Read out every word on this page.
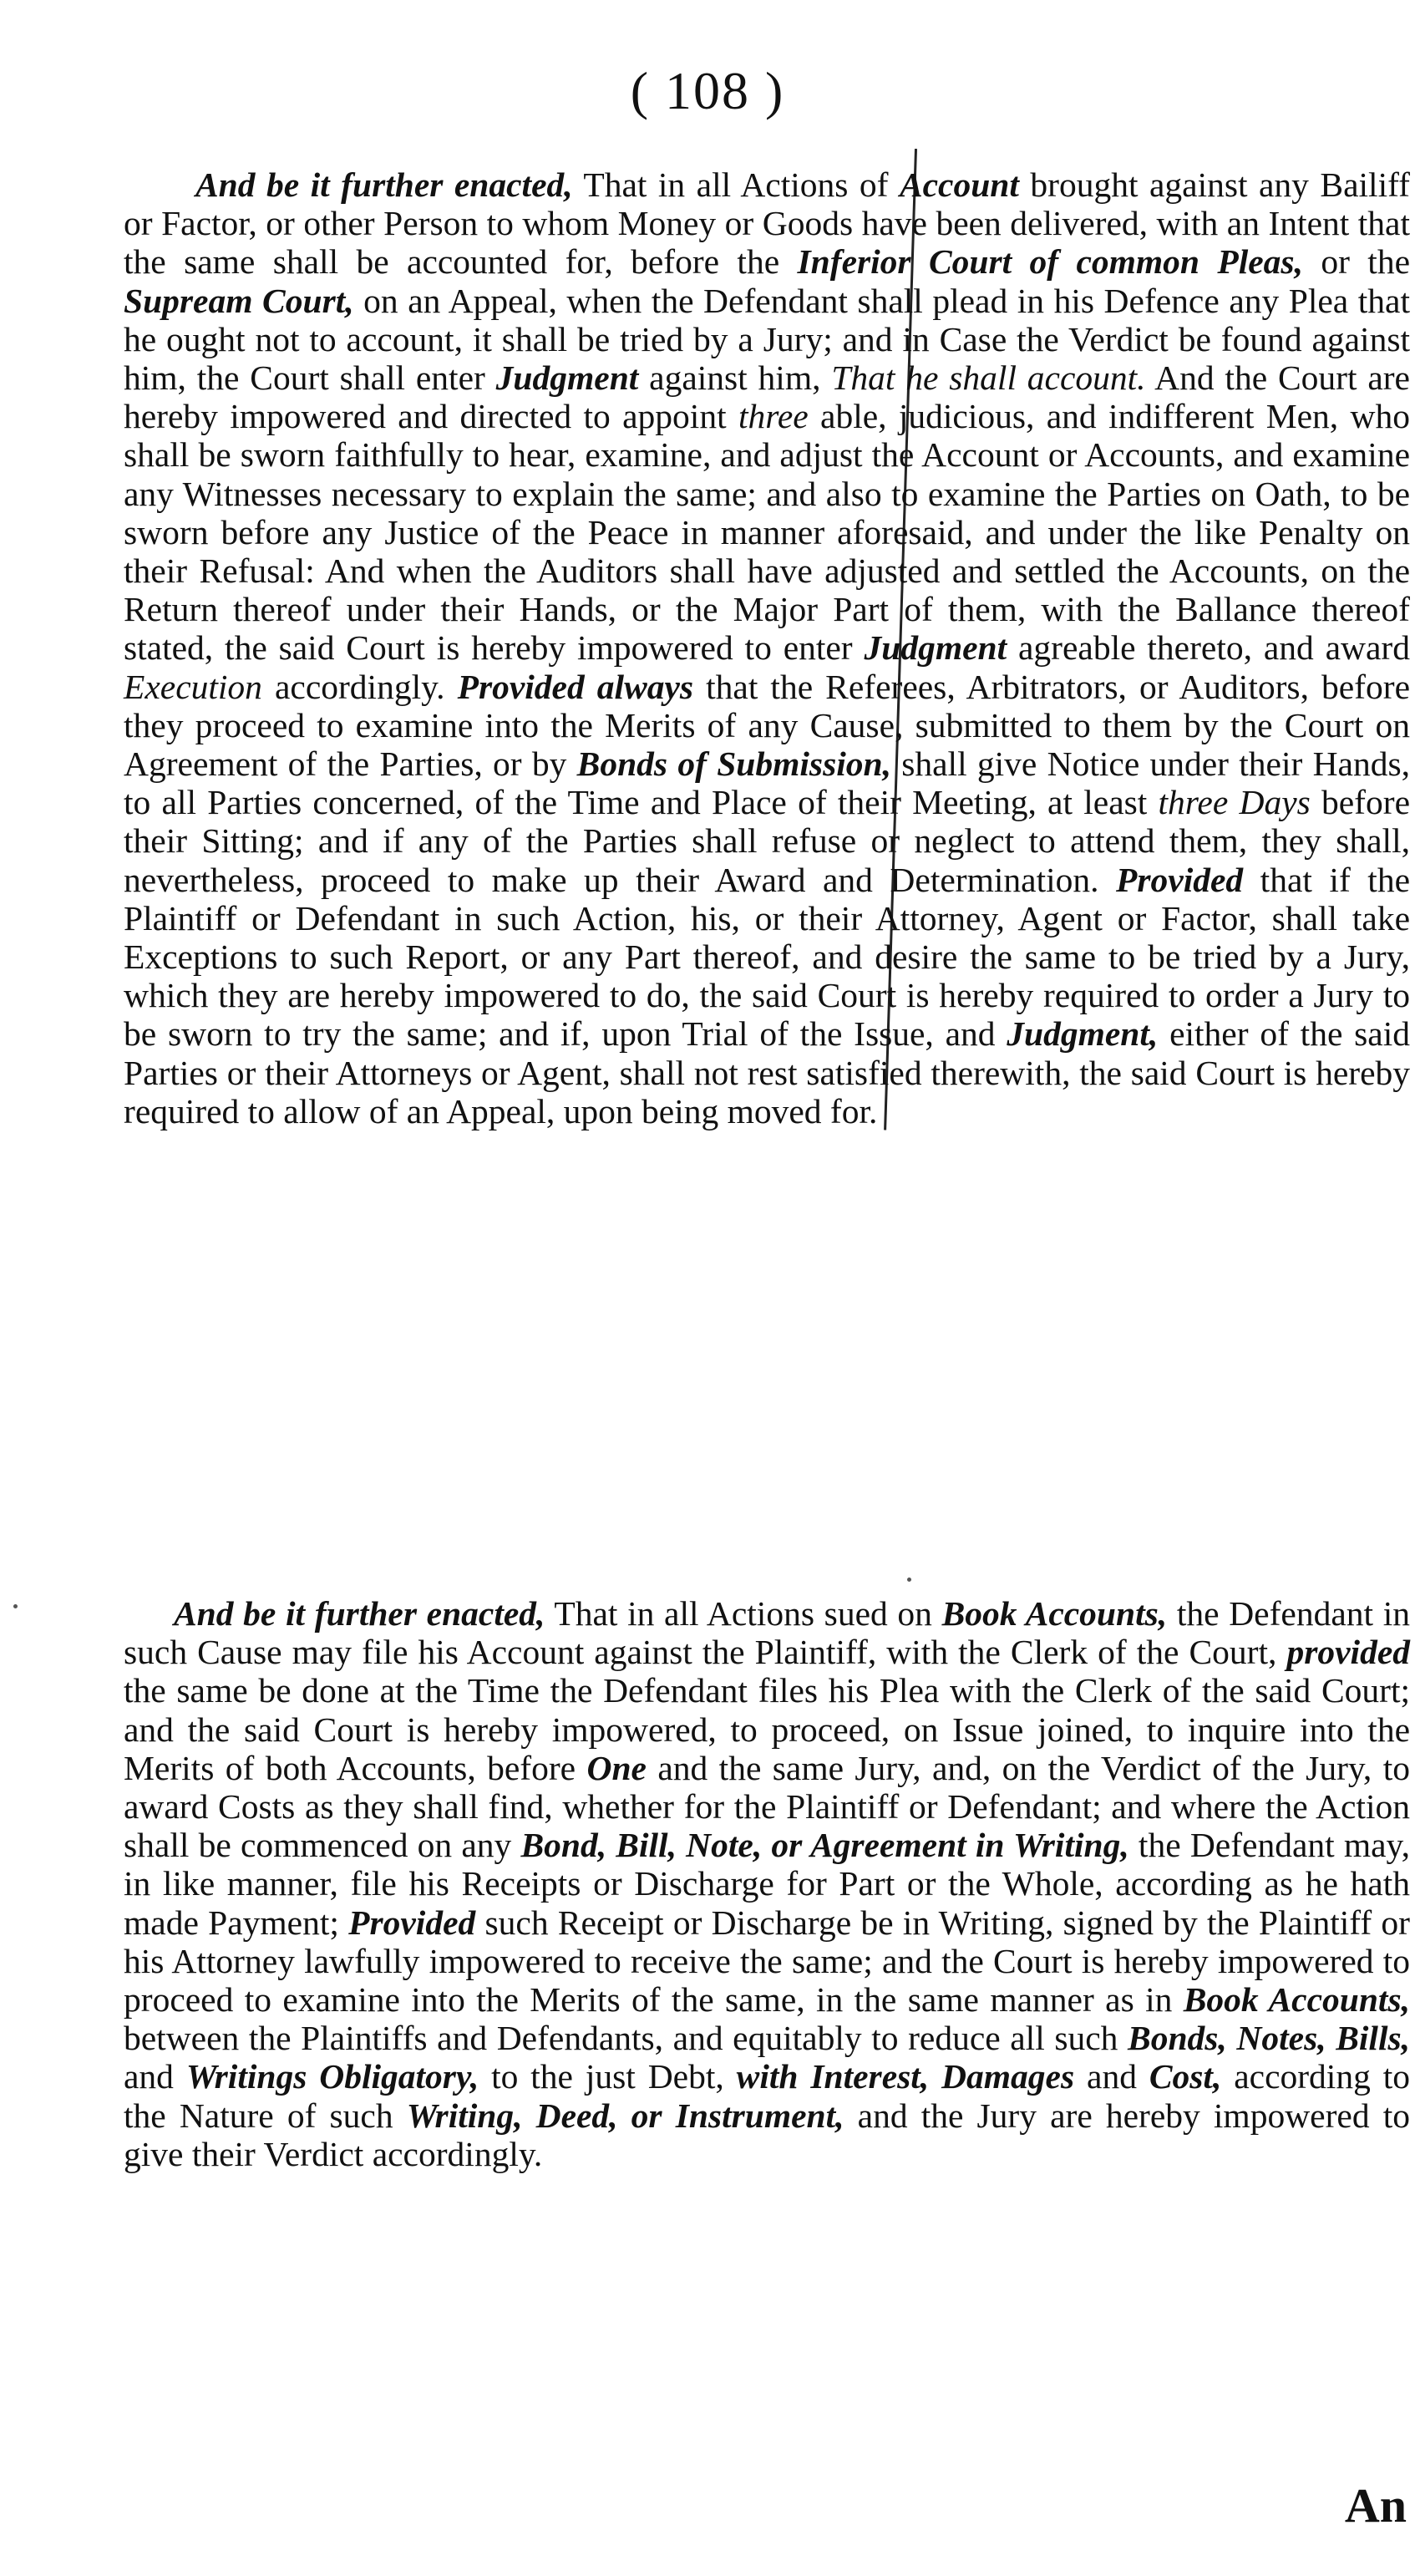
( 108 )

And be it further enacted, That in all Actions of Account brought against any Bailiff or Factor, or other Person to whom Money or Goods have been delivered, with an Intent that the same shall be accounted for, before the Inferior Court of common Pleas, or the Supream Court, on an Appeal, when the Defendant shall plead in his Defence any Plea that he ought not to account, it shall be tried by a Jury; and in Case the Verdict be found against him, the Court shall enter Judgment against him, That he shall account. And the Court are hereby impowered and directed to appoint three able, judicious, and indifferent Men, who shall be sworn faithfully to hear, examine, and adjust the Account or Accounts, and examine any Witnesses necessary to explain the same; and also to examine the Parties on Oath, to be sworn before any Justice of the Peace in manner aforesaid, and under the like Penalty on their Refusal: And when the Auditors shall have adjusted and settled the Accounts, on the Return thereof under their Hands, or the Major Part of them, with the Ballance thereof stated, the said Court is hereby impowered to enter Judgment agreable thereto, and award Execution accordingly. Provided always that the Referees, Arbitrators, or Auditors, before they proceed to examine into the Merits of any Cause, submitted to them by the Court on Agreement of the Parties, or by Bonds of Submission, shall give Notice under their Hands, to all Parties concerned, of the Time and Place of their Meeting, at least three Days before their Sitting; and if any of the Parties shall refuse or neglect to attend them, they shall, nevertheless, proceed to make up their Award and Determination. Provided that if the Plaintiff or Defendant in such Action, his, or their Attorney, Agent or Factor, shall take Exceptions to such Report, or any Part thereof, and desire the same to be tried by a Jury, which they are hereby impowered to do, the said Court is hereby required to order a Jury to be sworn to try the same; and if, upon Trial of the Issue, and Judgment, either of the said Parties or their Attorneys or Agent, shall not rest satisfied therewith, the said Court is hereby required to allow of an Appeal, upon being moved for.

And be it further enacted, That in all Actions sued on Book Accounts, the Defendant in such Cause may file his Account against the Plaintiff, with the Clerk of the Court, provided the same be done at the Time the Defendant files his Plea with the Clerk of the said Court; and the said Court is hereby impowered, to proceed, on Issue joined, to inquire into the Merits of both Accounts, before One and the same Jury, and, on the Verdict of the Jury, to award Costs as they shall find, whether for the Plaintiff or Defendant; and where the Action shall be commenced on any Bond, Bill, Note, or Agreement in Writing, the Defendant may, in like manner, file his Receipts or Discharge for Part or the Whole, according as he hath made Payment; Provided such Receipt or Discharge be in Writing, signed by the Plaintiff or his Attorney lawfully impowered to receive the same; and the Court is hereby impowered to proceed to examine into the Merits of the same, in the same manner as in Book Accounts, between the Plaintiffs and Defendants, and equitably to reduce all such Bonds, Notes, Bills, and Writings Obligatory, to the just Debt, with Interest, Damages and Cost, according to the Nature of such Writing, Deed, or Instrument, and the Jury are hereby impowered to give their Verdict accordingly.

An
